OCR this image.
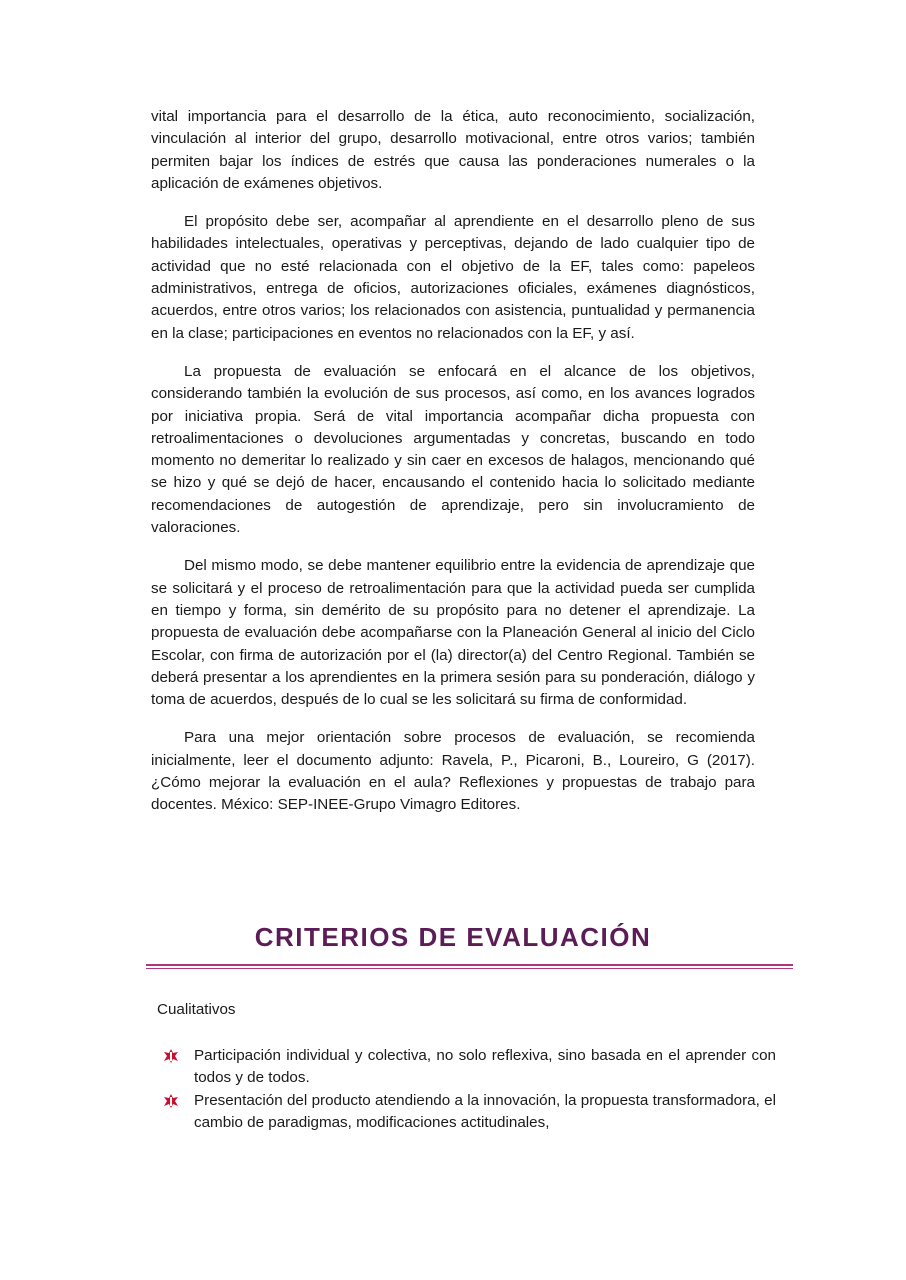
vital importancia para el desarrollo de la ética, auto reconocimiento, socialización, vinculación al interior del grupo, desarrollo motivacional, entre otros varios; también permiten bajar los índices de estrés que causa las ponderaciones numerales o la aplicación de exámenes objetivos.

El propósito debe ser, acompañar al aprendiente en el desarrollo pleno de sus habilidades intelectuales, operativas y perceptivas, dejando de lado cualquier tipo de actividad que no esté relacionada con el objetivo de la EF, tales como: papeleos administrativos, entrega de oficios, autorizaciones oficiales, exámenes diagnósticos, acuerdos, entre otros varios; los relacionados con asistencia, puntualidad y permanencia en la clase; participaciones en eventos no relacionados con la EF, y así.

La propuesta de evaluación se enfocará en el alcance de los objetivos, considerando también la evolución de sus procesos, así como, en los avances logrados por iniciativa propia. Será de vital importancia acompañar dicha propuesta con retroalimentaciones o devoluciones argumentadas y concretas, buscando en todo momento no demeritar lo realizado y sin caer en excesos de halagos, mencionando qué se hizo y qué se dejó de hacer, encausando el contenido hacia lo solicitado mediante recomendaciones de autogestión de aprendizaje, pero sin involucramiento de valoraciones.

Del mismo modo, se debe mantener equilibrio entre la evidencia de aprendizaje que se solicitará y el proceso de retroalimentación para que la actividad pueda ser cumplida en tiempo y forma, sin demérito de su propósito para no detener el aprendizaje. La propuesta de evaluación debe acompañarse con la Planeación General al inicio del Ciclo Escolar, con firma de autorización por el (la) director(a) del Centro Regional. También se deberá presentar a los aprendientes en la primera sesión para su ponderación, diálogo y toma de acuerdos, después de lo cual se les solicitará su firma de conformidad.

Para una mejor orientación sobre procesos de evaluación, se recomienda inicialmente, leer el documento adjunto: Ravela, P., Picaroni, B., Loureiro, G (2017). ¿Cómo mejorar la evaluación en el aula? Reflexiones y propuestas de trabajo para docentes. México: SEP-INEE-Grupo Vimagro Editores.

CRITERIOS DE EVALUACIÓN
Cualitativos
Participación individual y colectiva, no solo reflexiva, sino basada en el aprender con todos y de todos.
Presentación del producto atendiendo a la innovación, la propuesta transformadora, el cambio de paradigmas, modificaciones actitudinales,
